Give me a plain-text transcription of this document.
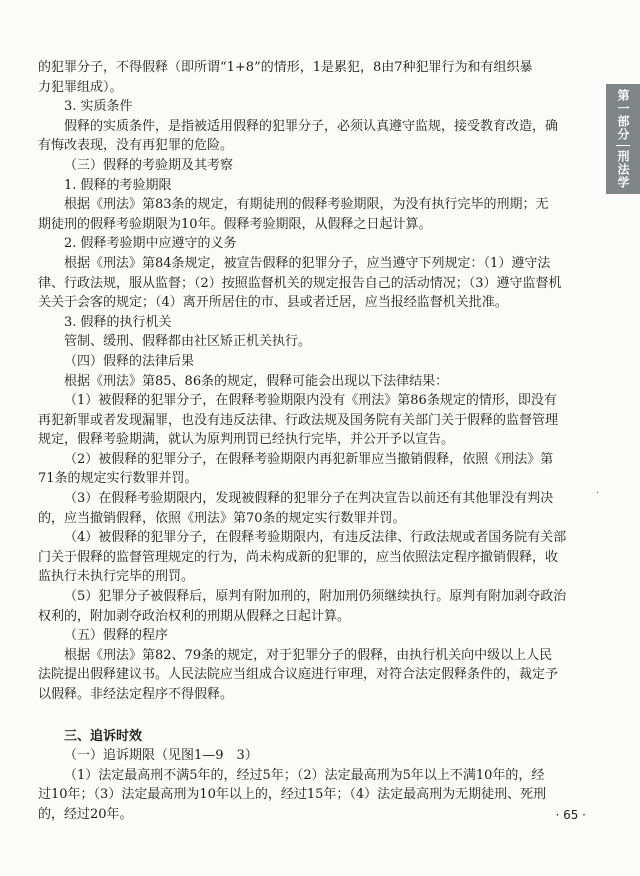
的犯罪分子，不得假释（即所谓“1+8”的情形，1是累犯，8由7种犯罪行为和有组织暴
力犯罪组成）。
3. 实质条件
假释的实质条件，是指被适用假释的犯罪分子，必须认真遵守监规，接受教育改造，确
有悔改表现，没有再犯罪的危险。
（三）假释的考验期及其考察
1. 假释的考验期限
根据《刑法》第83条的规定，有期徒刑的假释考验期限，为没有执行完毕的刑期；无
期徒刑的假释考验期限为10年。假释考验期限，从假释之日起计算。
2. 假释考验期中应遵守的义务
根据《刑法》第84条规定，被宣告假释的犯罪分子，应当遵守下列规定：（1）遵守法
律、行政法规，服从监督；（2）按照监督机关的规定报告自己的活动情况；（3）遵守监督机
关关于会客的规定；（4）离开所居住的市、县或者迁居，应当报经监督机关批准。
3. 假释的执行机关
管制、缓刑、假释都由社区矫正机关执行。
（四）假释的法律后果
根据《刑法》第85、86条的规定，假释可能会出现以下法律结果：
（1）被假释的犯罪分子，在假释考验期限内没有《刑法》第86条规定的情形，即没有
再犯新罪或者发现漏罪，也没有违反法律、行政法规及国务院有关部门关于假释的监督管理
规定，假释考验期满，就认为原判刑罚已经执行完毕，并公开予以宣告。
（2）被假释的犯罪分子，在假释考验期限内再犯新罪应当撤销假释，依照《刑法》第
71条的规定实行数罪并罚。
（3）在假释考验期限内，发现被假释的犯罪分子在判决宣告以前还有其他罪没有判决
的，应当撤销假释，依照《刑法》第70条的规定实行数罪并罚。
（4）被假释的犯罪分子，在假释考验期限内，有违反法律、行政法规或者国务院有关部
门关于假释的监督管理规定的行为，尚未构成新的犯罪的，应当依照法定程序撤销假释，收
监执行未执行完毕的刑罚。
（5）犯罪分子被假释后，原判有附加刑的，附加刑仍须继续执行。原判有附加剥夺政治
权利的，附加剥夺政治权利的刑期从假释之日起计算。
（五）假释的程序
根据《刑法》第82、79条的规定，对于犯罪分子的假释，由执行机关向中级以上人民
法院提出假释建议书。人民法院应当组成合议庭进行审理，对符合法定假释条件的，裁定予
以假释。非经法定程序不得假释。
三、追诉时效
（一）追诉期限（见图1—9　3）
（1）法定最高刑不满5年的，经过5年；（2）法定最高刑为5年以上不满10年的，经
过10年；（3）法定最高刑为10年以上的，经过15年；（4）法定最高刑为无期徒刑、死刑
的，经过20年。
第一部分
刑法学
·
· 65 ·
